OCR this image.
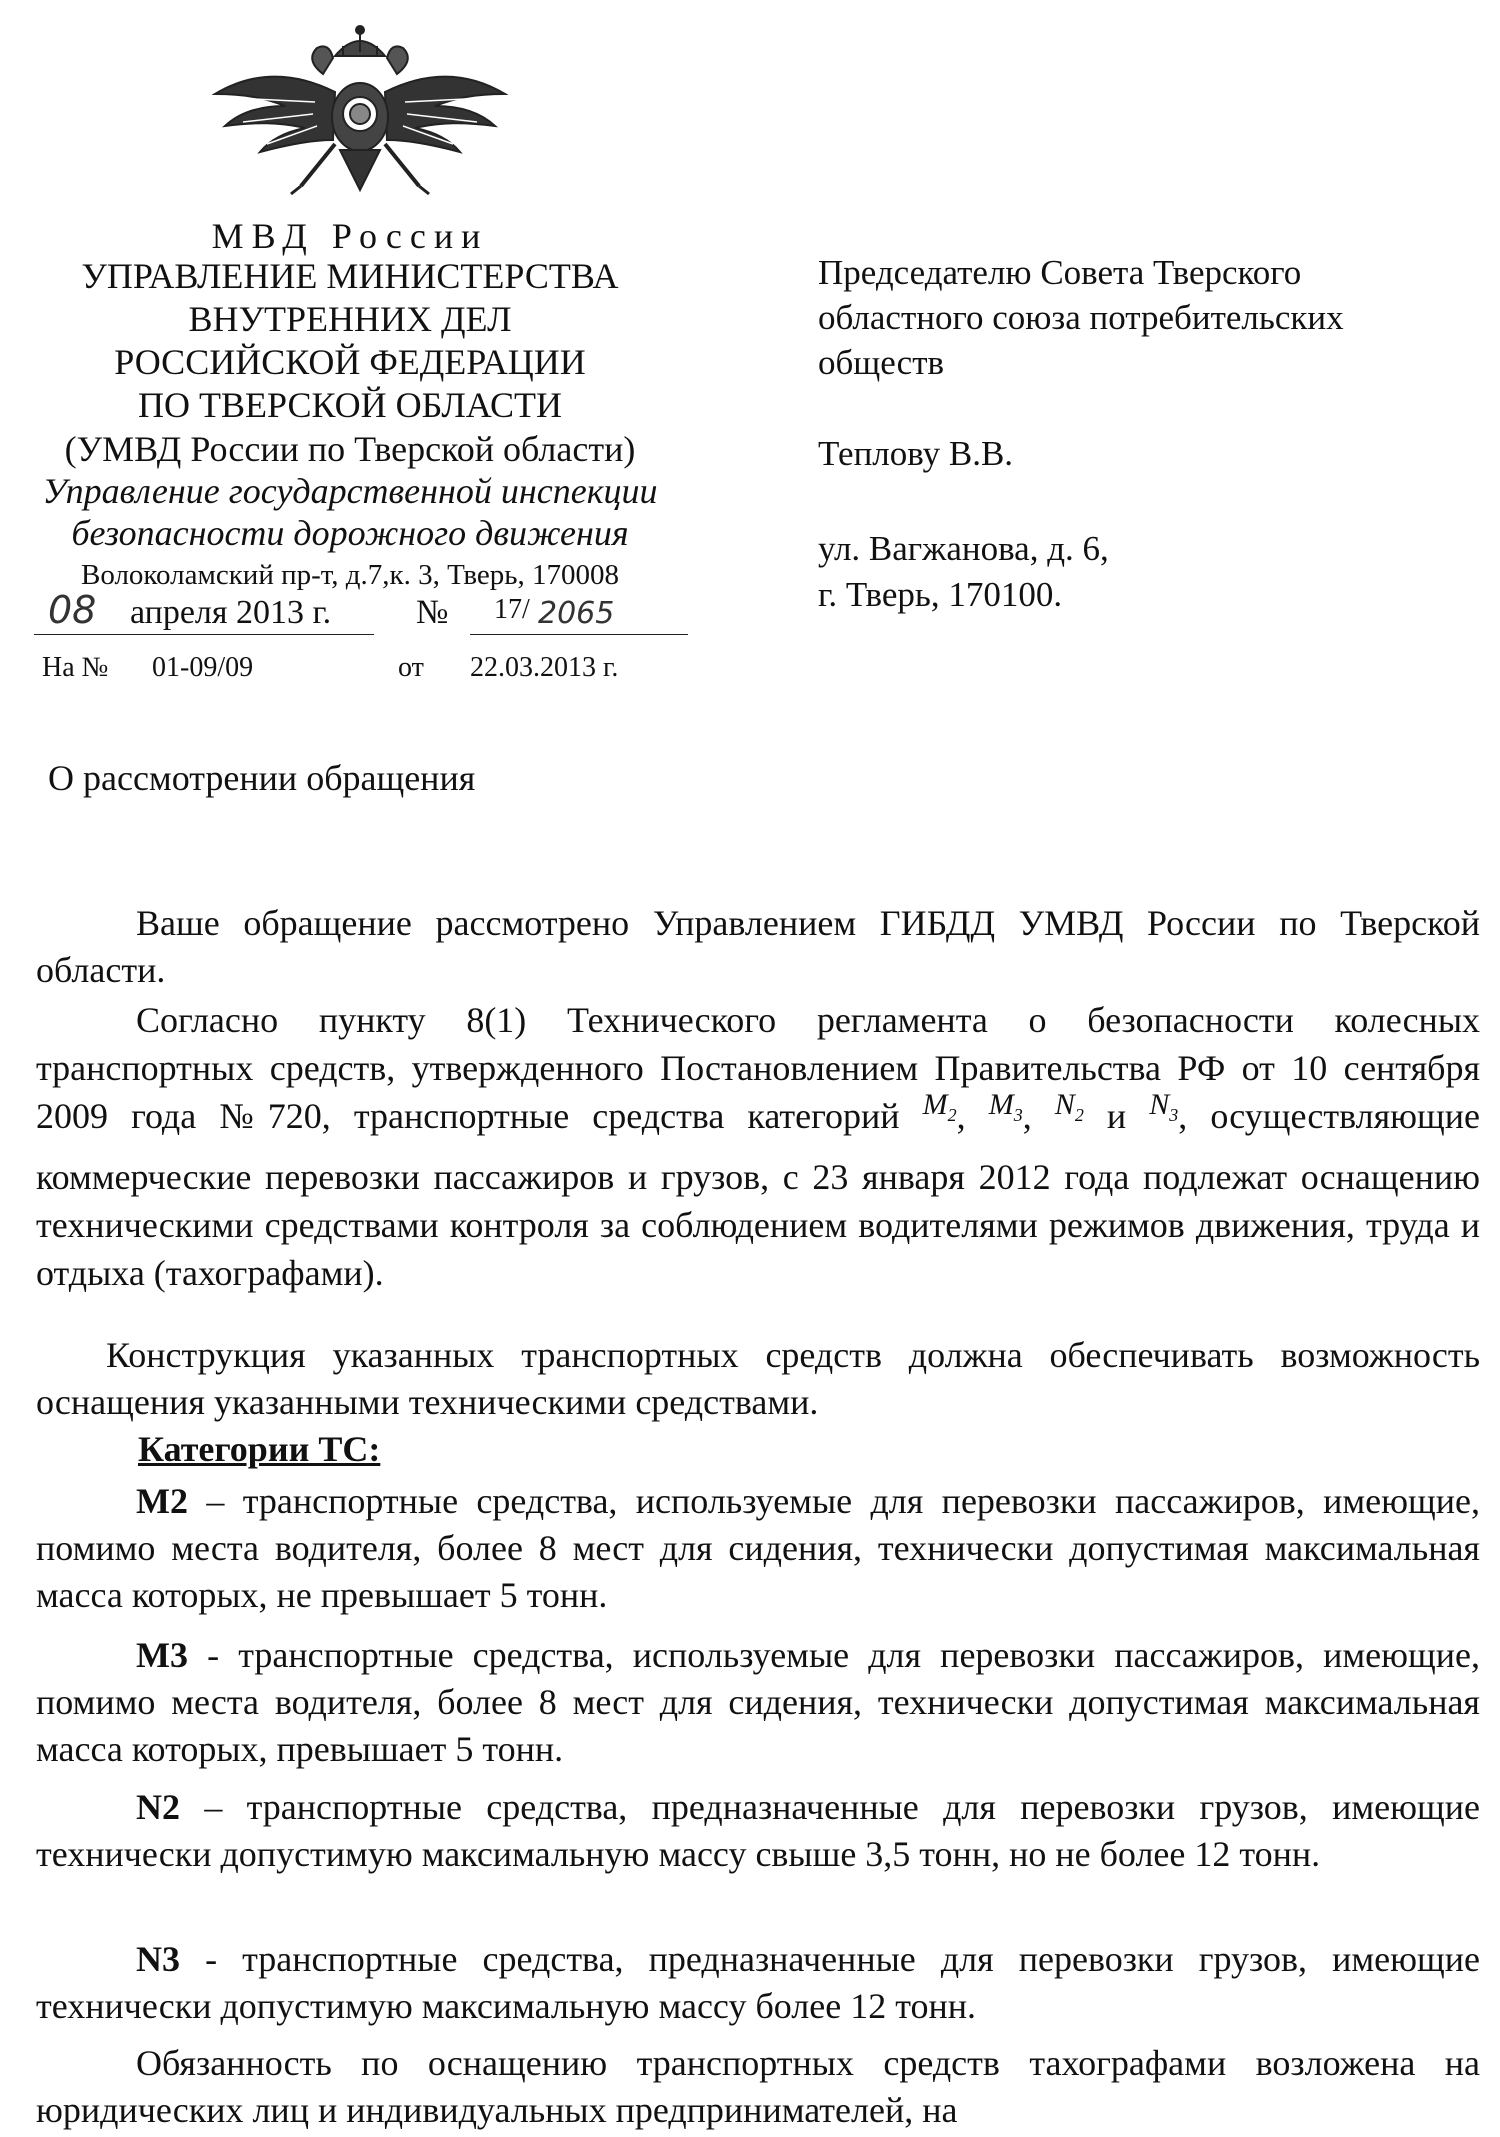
МВД России
УПРАВЛЕНИЕ МИНИСТЕРСТВА
ВНУТРЕННИХ ДЕЛ
РОССИЙСКОЙ ФЕДЕРАЦИИ
ПО ТВЕРСКОЙ ОБЛАСТИ
(УМВД России по Тверской области)
Управление государственной инспекции
безопасности дорожного движения
Волоколамский пр-т, д.7,к. 3, Тверь, 170008
08 апреля 2013 г. № 17/ 2065
На № 01-09/09	от 22.03.2013 г.
Председателю Совета Тверского
областного союза потребительских
обществ
Теплову В.В.
ул. Вагжанова, д. 6,
г. Тверь, 170100.
О рассмотрении обращения

Ваше обращение рассмотрено Управлением ГИБДД УМВД России по Тверской области.

Согласно пункту 8(1) Технического регламента о безопасности колесных транспортных средств, утвержденного Постановлением Правительства РФ от 10 сентября 2009 года №720, транспортные средства категорий $^{M_2}$, $^{M_3}$, $^{N_2}$ и $^{N_3}$, осуществляющие коммерческие перевозки пассажиров и грузов, с 23 января 2012 года подлежат оснащению техническими средствами контроля за соблюдением водителями режимов движения, труда и отдыха (тахографами).

Конструкция указанных транспортных средств должна обеспечивать возможность оснащения указанными техническими средствами.

Категории ТС:

М2 – транспортные средства, используемые для перевозки пассажиров, имеющие, помимо места водителя, более 8 мест для сидения, технически допустимая максимальная масса которых, не превышает 5 тонн.

М3 - транспортные средства, используемые для перевозки пассажиров, имеющие, помимо места водителя, более 8 мест для сидения, технически допустимая максимальная масса которых, превышает 5 тонн.

N2 – транспортные средства, предназначенные для перевозки грузов, имеющие технически допустимую максимальную массу свыше 3,5 тонн, но не более 12 тонн.

N3 - транспортные средства, предназначенные для перевозки грузов, имеющие технически допустимую максимальную массу более 12 тонн.

Обязанность по оснащению транспортных средств тахографами возложена на юридических лиц и индивидуальных предпринимателей, на
